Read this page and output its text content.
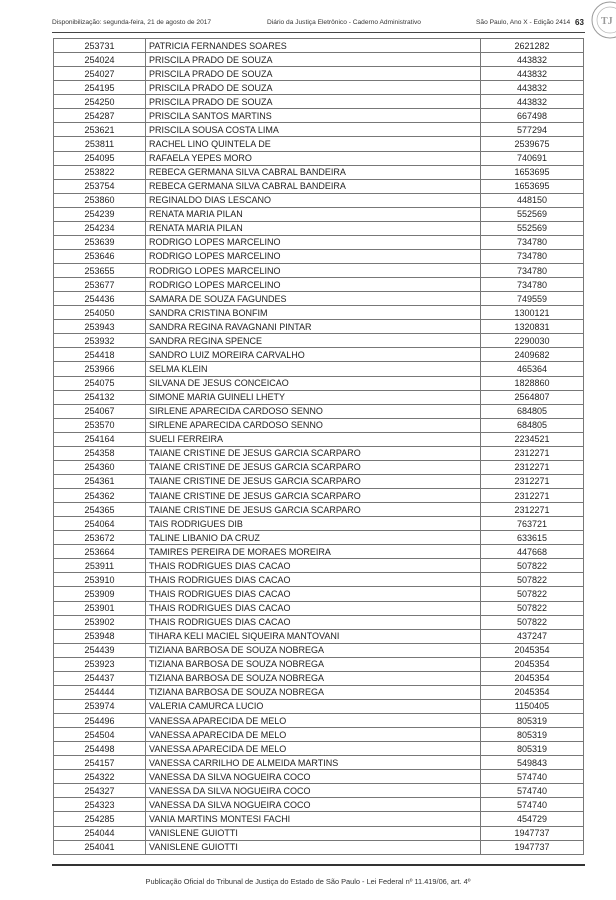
Disponibilização: segunda-feira, 21 de agosto de 2017	Diário da Justiça Eletrônico - Caderno Administrativo	São Paulo, Ano X - Edição 2414 63 TJ
253731	PATRICIA FERNANDES SOARES	2621282
254024	PRISCILA PRADO DE SOUZA	443832
254027	PRISCILA PRADO DE SOUZA	443832
254195	PRISCILA PRADO DE SOUZA	443832
254250	PRISCILA PRADO DE SOUZA	443832
254287	PRISCILA SANTOS MARTINS	667498
253621	PRISCILA SOUSA COSTA LIMA	577294
253811	RACHEL LINO QUINTELA DE	2539675
254095	RAFAELA YEPES MORO	740691
253822	REBECA GERMANA SILVA CABRAL BANDEIRA	1653695
253754	REBECA GERMANA SILVA CABRAL BANDEIRA	1653695
253860	REGINALDO DIAS LESCANO	448150
254239	RENATA MARIA PILAN	552569
254234	RENATA MARIA PILAN	552569
253639	RODRIGO LOPES MARCELINO	734780
253646	RODRIGO LOPES MARCELINO	734780
253655	RODRIGO LOPES MARCELINO	734780
253677	RODRIGO LOPES MARCELINO	734780
254436	SAMARA DE SOUZA FAGUNDES	749559
254050	SANDRA CRISTINA BONFIM	1300121
253943	SANDRA REGINA RAVAGNANI PINTAR	1320831
253932	SANDRA REGINA SPENCE	2290030
254418	SANDRO LUIZ MOREIRA CARVALHO	2409682
253966	SELMA KLEIN	465364
254075	SILVANA DE JESUS CONCEICAO	1828860
254132	SIMONE MARIA GUINELI LHETY	2564807
254067	SIRLENE APARECIDA CARDOSO SENNO	684805
253570	SIRLENE APARECIDA CARDOSO SENNO	684805
254164	SUELI FERREIRA	2234521
254358	TAIANE CRISTINE DE JESUS GARCIA SCARPARO	2312271
254360	TAIANE CRISTINE DE JESUS GARCIA SCARPARO	2312271
254361	TAIANE CRISTINE DE JESUS GARCIA SCARPARO	2312271
254362	TAIANE CRISTINE DE JESUS GARCIA SCARPARO	2312271
254365	TAIANE CRISTINE DE JESUS GARCIA SCARPARO	2312271
254064	TAIS RODRIGUES DIB	763721
253672	TALINE LIBANIO DA CRUZ	633615
253664	TAMIRES PEREIRA DE MORAES MOREIRA	447668
253911	THAIS RODRIGUES DIAS CACAO	507822
253910	THAIS RODRIGUES DIAS CACAO	507822
253909	THAIS RODRIGUES DIAS CACAO	507822
253901	THAIS RODRIGUES DIAS CACAO	507822
253902	THAIS RODRIGUES DIAS CACAO	507822
253948	TIHARA KELI MACIEL SIQUEIRA MANTOVANI	437247
254439	TIZIANA BARBOSA DE SOUZA NOBREGA	2045354
253923	TIZIANA BARBOSA DE SOUZA NOBREGA	2045354
254437	TIZIANA BARBOSA DE SOUZA NOBREGA	2045354
254444	TIZIANA BARBOSA DE SOUZA NOBREGA	2045354
253974	VALERIA CAMURCA LUCIO	1150405
254496	VANESSA APARECIDA DE MELO	805319
254504	VANESSA APARECIDA DE MELO	805319
254498	VANESSA APARECIDA DE MELO	805319
254157	VANESSA CARRILHO DE ALMEIDA MARTINS	549843
254322	VANESSA DA SILVA NOGUEIRA COCO	574740
254327	VANESSA DA SILVA NOGUEIRA COCO	574740
254323	VANESSA DA SILVA NOGUEIRA COCO	574740
254285	VANIA MARTINS MONTESI FACHI	454729
254044	VANISLENE GUIOTTI	1947737
254041	VANISLENE GUIOTTI	1947737
Publicação Oficial do Tribunal de Justiça do Estado de São Paulo - Lei Federal nº 11.419/06, art. 4º
